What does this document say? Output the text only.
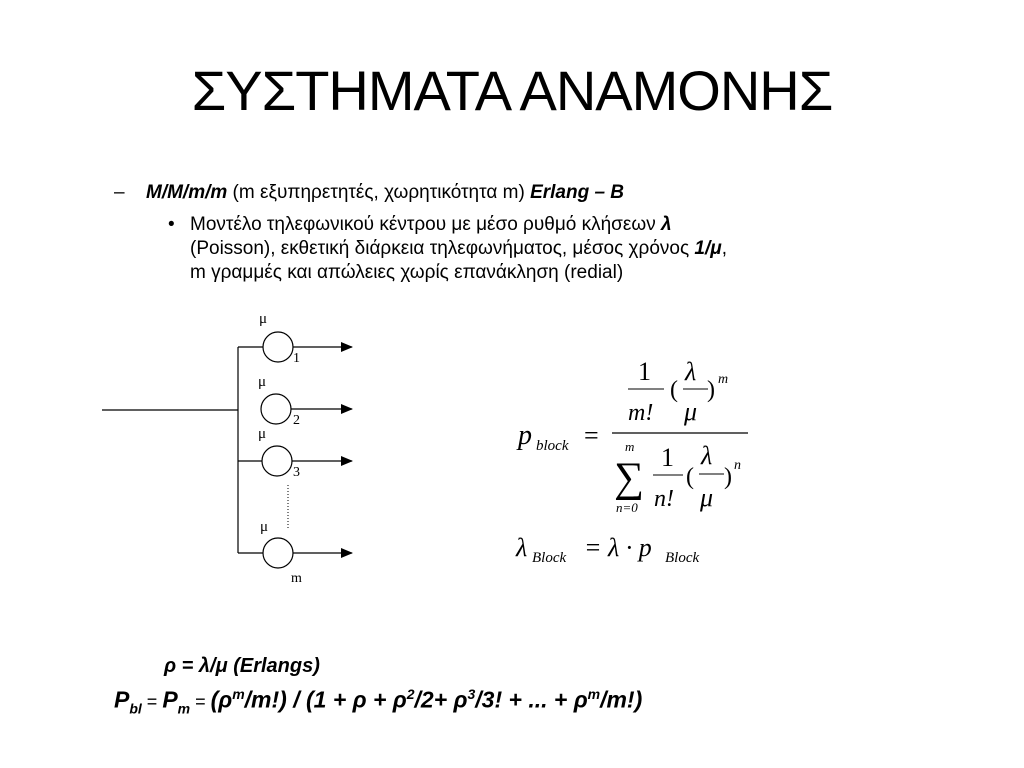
ΣΥΣΤΗΜΑΤΑ ΑΝΑΜΟΝΗΣ
– M/M/m/m (m εξυπηρετητές, χωρητικότητα m) Erlang – B
• Μοντέλο τηλεφωνικού κέντρου με μέσο ρυθμό κλήσεων λ
(Poisson), εκθετική διάρκεια τηλεφωνήματος, μέσος χρόνος 1/μ,
m γραμμές και απώλειες χωρίς επανάκληση (redial)
μ
1
μ
2
μ
3
μ
m
p block =
1
m!
(
λ
μ
) m
m
∑
n=0
1
n!
(
λ
μ
) n
λ Block = λ · p Block
ρ = λ/μ (Erlangs)
$P_{bl} = P_m = (\rho^m/m!) / (1 + \rho + \rho^2/2+ \rho^3/3$! + ... + $\rho^m/m$!)
